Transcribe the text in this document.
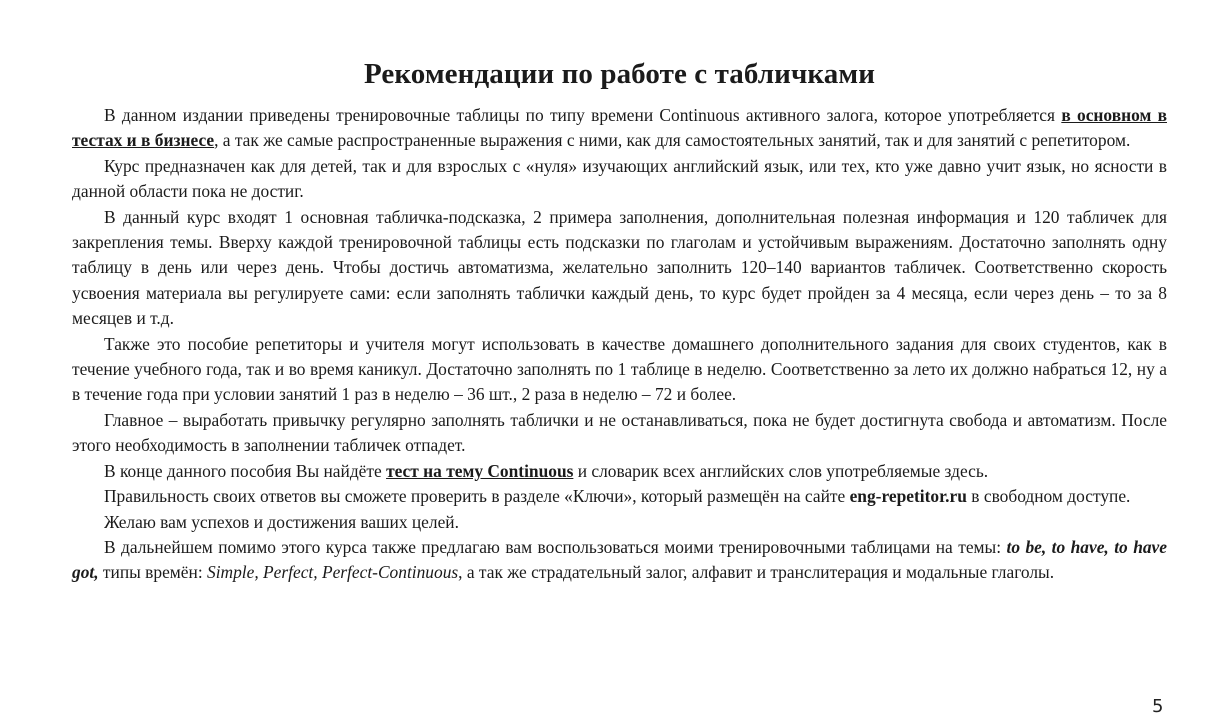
Рекомендации по работе с табличками

В данном издании приведены тренировочные таблицы по типу времени Continuous активного залога, которое употребляется в основном в тестах и в бизнесе, а так же самые распространенные выражения с ними, как для самостоятельных занятий, так и для занятий с репетитором.

Курс предназначен как для детей, так и для взрослых с «нуля» изучающих английский язык, или тех, кто уже давно учит язык, но ясности в данной области пока не достиг.

В данный курс входят 1 основная табличка-подсказка, 2 примера заполнения, дополнительная полезная информация и 120 табличек для закрепления темы. Вверху каждой тренировочной таблицы есть подсказки по глаголам и устойчивым выражениям. Достаточно заполнять одну таблицу в день или через день. Чтобы достичь автоматизма, желательно заполнить 120–140 вариантов табличек. Соответственно скорость усвоения материала вы регулируете сами: если заполнять таблички каждый день, то курс будет пройден за 4 месяца, если через день – то за 8 месяцев и т.д.

Также это пособие репетиторы и учителя могут использовать в качестве домашнего дополнительного задания для своих студентов, как в течение учебного года, так и во время каникул. Достаточно заполнять по 1 таблице в неделю. Соответственно за лето их должно набраться 12, ну а в течение года при условии занятий 1 раз в неделю – 36 шт., 2 раза в неделю – 72 и более.

Главное – выработать привычку регулярно заполнять таблички и не останавливаться, пока не будет достигнута свобода и автоматизм. После этого необходимость в заполнении табличек отпадет.

В конце данного пособия Вы найдёте тест на тему Continuous и словарик всех английских слов употребляемые здесь.

Правильность своих ответов вы сможете проверить в разделе «Ключи», который размещён на сайте eng-repetitor.ru в свободном доступе.

Желаю вам успехов и достижения ваших целей.

В дальнейшем помимо этого курса также предлагаю вам воспользоваться моими тренировочными таблицами на темы: to be, to have, to have got, типы времён: Simple, Perfect, Perfect-Continuous, а так же страдательный залог, алфавит и транслитерация и модальные глаголы.

5
